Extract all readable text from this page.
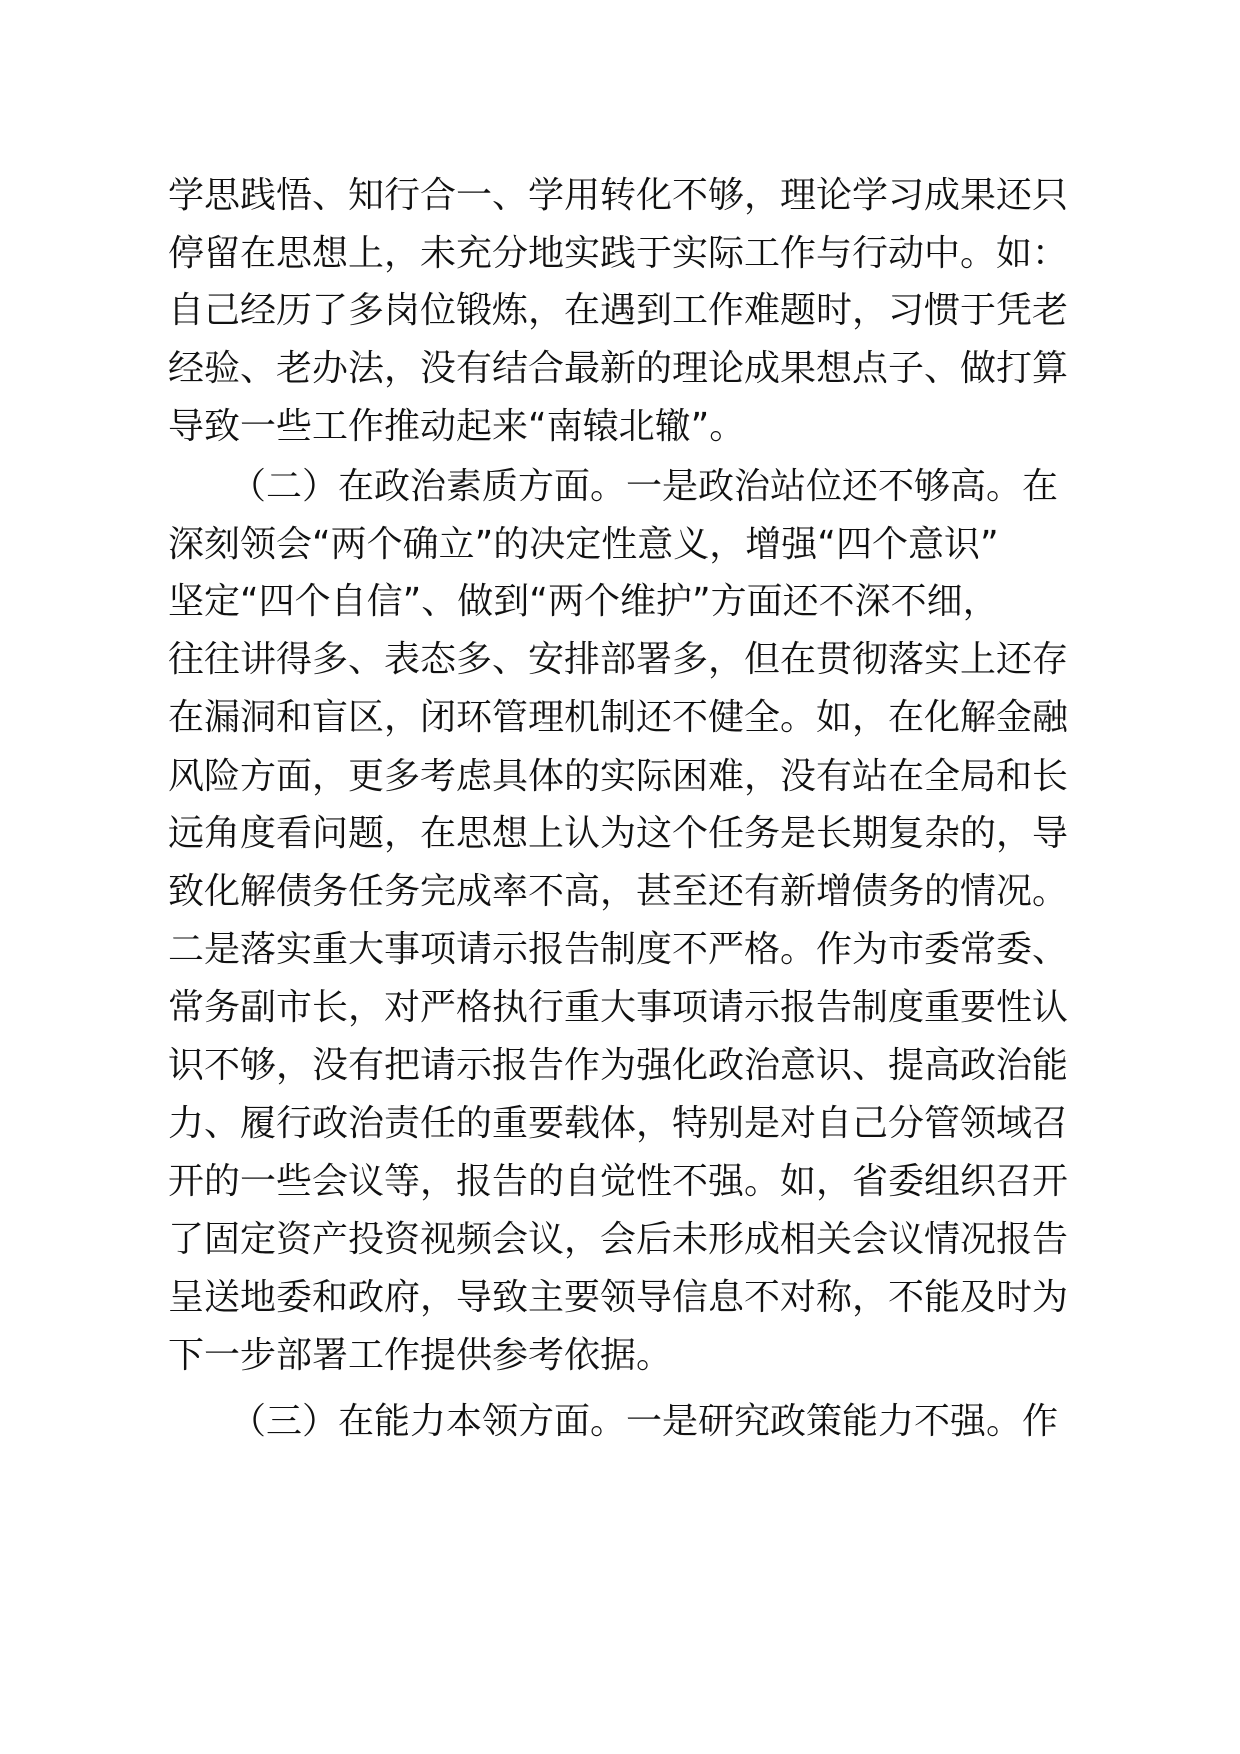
学思践悟、知行合一、学用转化不够，理论学习成果还只
停留在思想上，未充分地实践于实际工作与行动中。如：
自己经历了多岗位锻炼，在遇到工作难题时，习惯于凭老
经验、老办法，没有结合最新的理论成果想点子、做打算
导致一些工作推动起来“南辕北辙”。
（二）在政治素质方面。一是政治站位还不够高。在
深刻领会“两个确立”的决定性意义，增强“四个意识”
坚定“四个自信”、做到“两个维护”方面还不深不细，
往往讲得多、表态多、安排部署多，但在贯彻落实上还存
在漏洞和盲区，闭环管理机制还不健全。如，在化解金融
风险方面，更多考虑具体的实际困难，没有站在全局和长
远角度看问题，在思想上认为这个任务是长期复杂的，导
致化解债务任务完成率不高，甚至还有新增债务的情况。
二是落实重大事项请示报告制度不严格。作为市委常委、
常务副市长，对严格执行重大事项请示报告制度重要性认
识不够，没有把请示报告作为强化政治意识、提高政治能
力、履行政治责任的重要载体，特别是对自己分管领域召
开的一些会议等，报告的自觉性不强。如，省委组织召开
了固定资产投资视频会议，会后未形成相关会议情况报告
呈送地委和政府，导致主要领导信息不对称，不能及时为
下一步部署工作提供参考依据。
（三）在能力本领方面。一是研究政策能力不强。作
